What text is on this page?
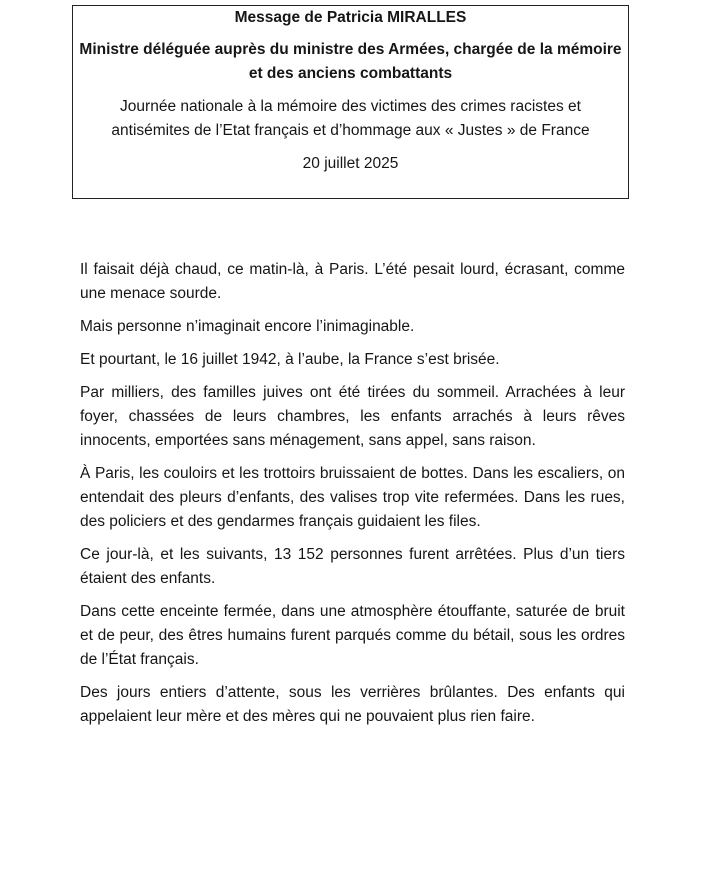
Message de Patricia MIRALLES
Ministre déléguée auprès du ministre des Armées, chargée de la mémoire et des anciens combattants
Journée nationale à la mémoire des victimes des crimes racistes et antisémites de l’Etat français et d’hommage aux « Justes » de France
20 juillet 2025

Il faisait déjà chaud, ce matin-là, à Paris. L’été pesait lourd, écrasant, comme une menace sourde.

Mais personne n’imaginait encore l’inimaginable.

Et pourtant, le 16 juillet 1942, à l’aube, la France s’est brisée.

Par milliers, des familles juives ont été tirées du sommeil. Arrachées à leur foyer, chassées de leurs chambres, les enfants arrachés à leurs rêves innocents, emportées sans ménagement, sans appel, sans raison.

À Paris, les couloirs et les trottoirs bruissaient de bottes. Dans les escaliers, on entendait des pleurs d’enfants, des valises trop vite refermées. Dans les rues, des policiers et des gendarmes français guidaient les files.

Ce jour-là, et les suivants, 13 152 personnes furent arrêtées. Plus d’un tiers étaient des enfants.

Dans cette enceinte fermée, dans une atmosphère étouffante, saturée de bruit et de peur, des êtres humains furent parqués comme du bétail, sous les ordres de l’État français.

Des jours entiers d’attente, sous les verrières brûlantes. Des enfants qui appelaient leur mère et des mères qui ne pouvaient plus rien faire.
